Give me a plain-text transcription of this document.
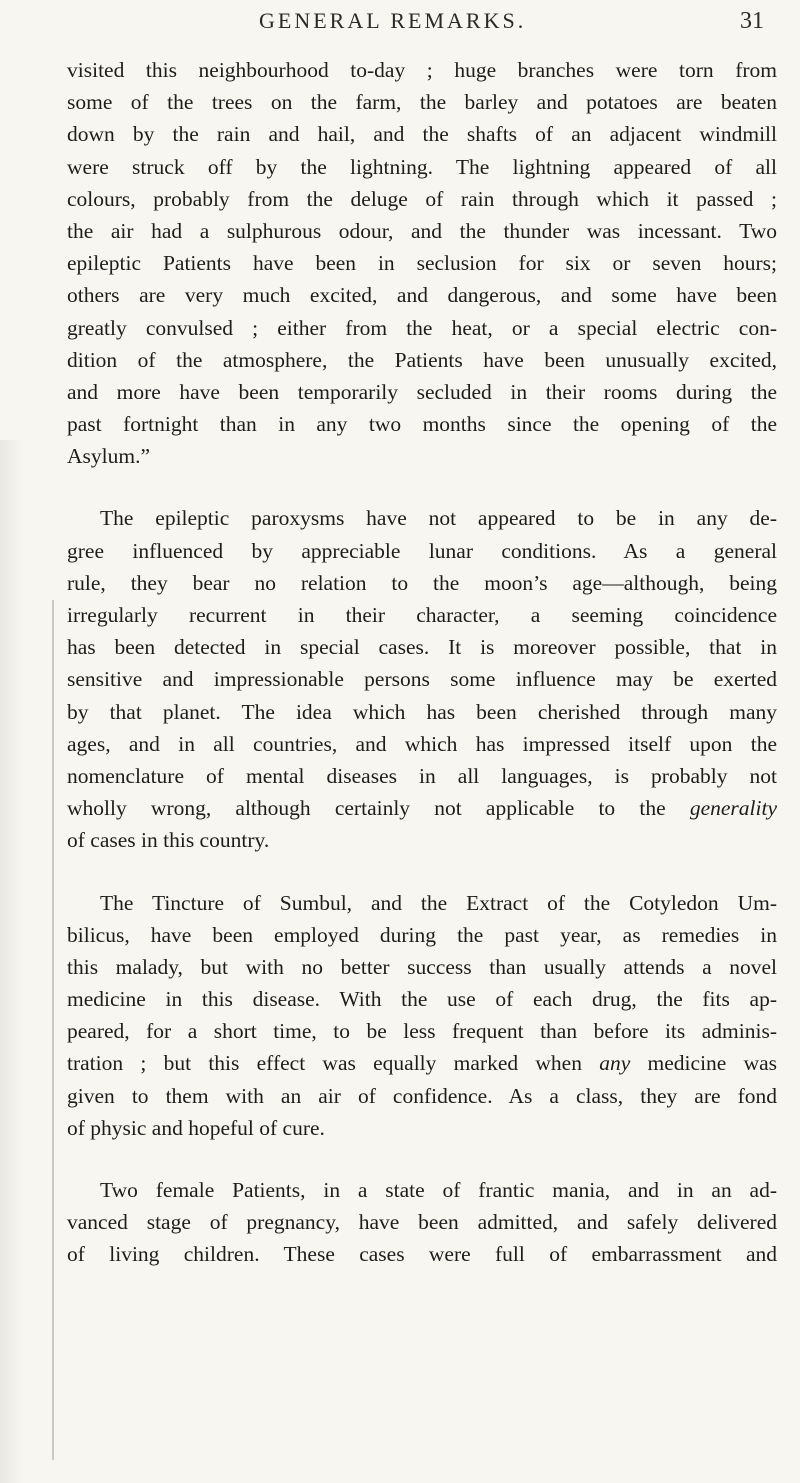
GENERAL REMARKS.	31
visited this neighbourhood to-day ; huge branches were torn from
some of the trees on the farm, the barley and potatoes are beaten
down by the rain and hail, and the shafts of an adjacent windmill
were struck off by the lightning. The lightning appeared of all
colours, probably from the deluge of rain through which it passed ;
the air had a sulphurous odour, and the thunder was incessant. Two
epileptic Patients have been in seclusion for six or seven hours;
others are very much excited, and dangerous, and some have been
greatly convulsed ; either from the heat, or a special electric con-
dition of the atmosphere, the Patients have been unusually excited,
and more have been temporarily secluded in their rooms during the
past fortnight than in any two months since the opening of the
Asylum.”
The epileptic paroxysms have not appeared to be in any de-
gree influenced by appreciable lunar conditions. As a general
rule, they bear no relation to the moon’s age—although, being
irregularly recurrent in their character, a seeming coincidence
has been detected in special cases. It is moreover possible, that in
sensitive and impressionable persons some influence may be exerted
by that planet. The idea which has been cherished through many
ages, and in all countries, and which has impressed itself upon the
nomenclature of mental diseases in all languages, is probably not
wholly wrong, although certainly not applicable to the generality
of cases in this country.
The Tincture of Sumbul, and the Extract of the Cotyledon Um-
bilicus, have been employed during the past year, as remedies in
this malady, but with no better success than usually attends a novel
medicine in this disease. With the use of each drug, the fits ap-
peared, for a short time, to be less frequent than before its adminis-
tration ; but this effect was equally marked when any medicine was
given to them with an air of confidence. As a class, they are fond
of physic and hopeful of cure.
Two female Patients, in a state of frantic mania, and in an ad-
vanced stage of pregnancy, have been admitted, and safely delivered
of living children. These cases were full of embarrassment and
